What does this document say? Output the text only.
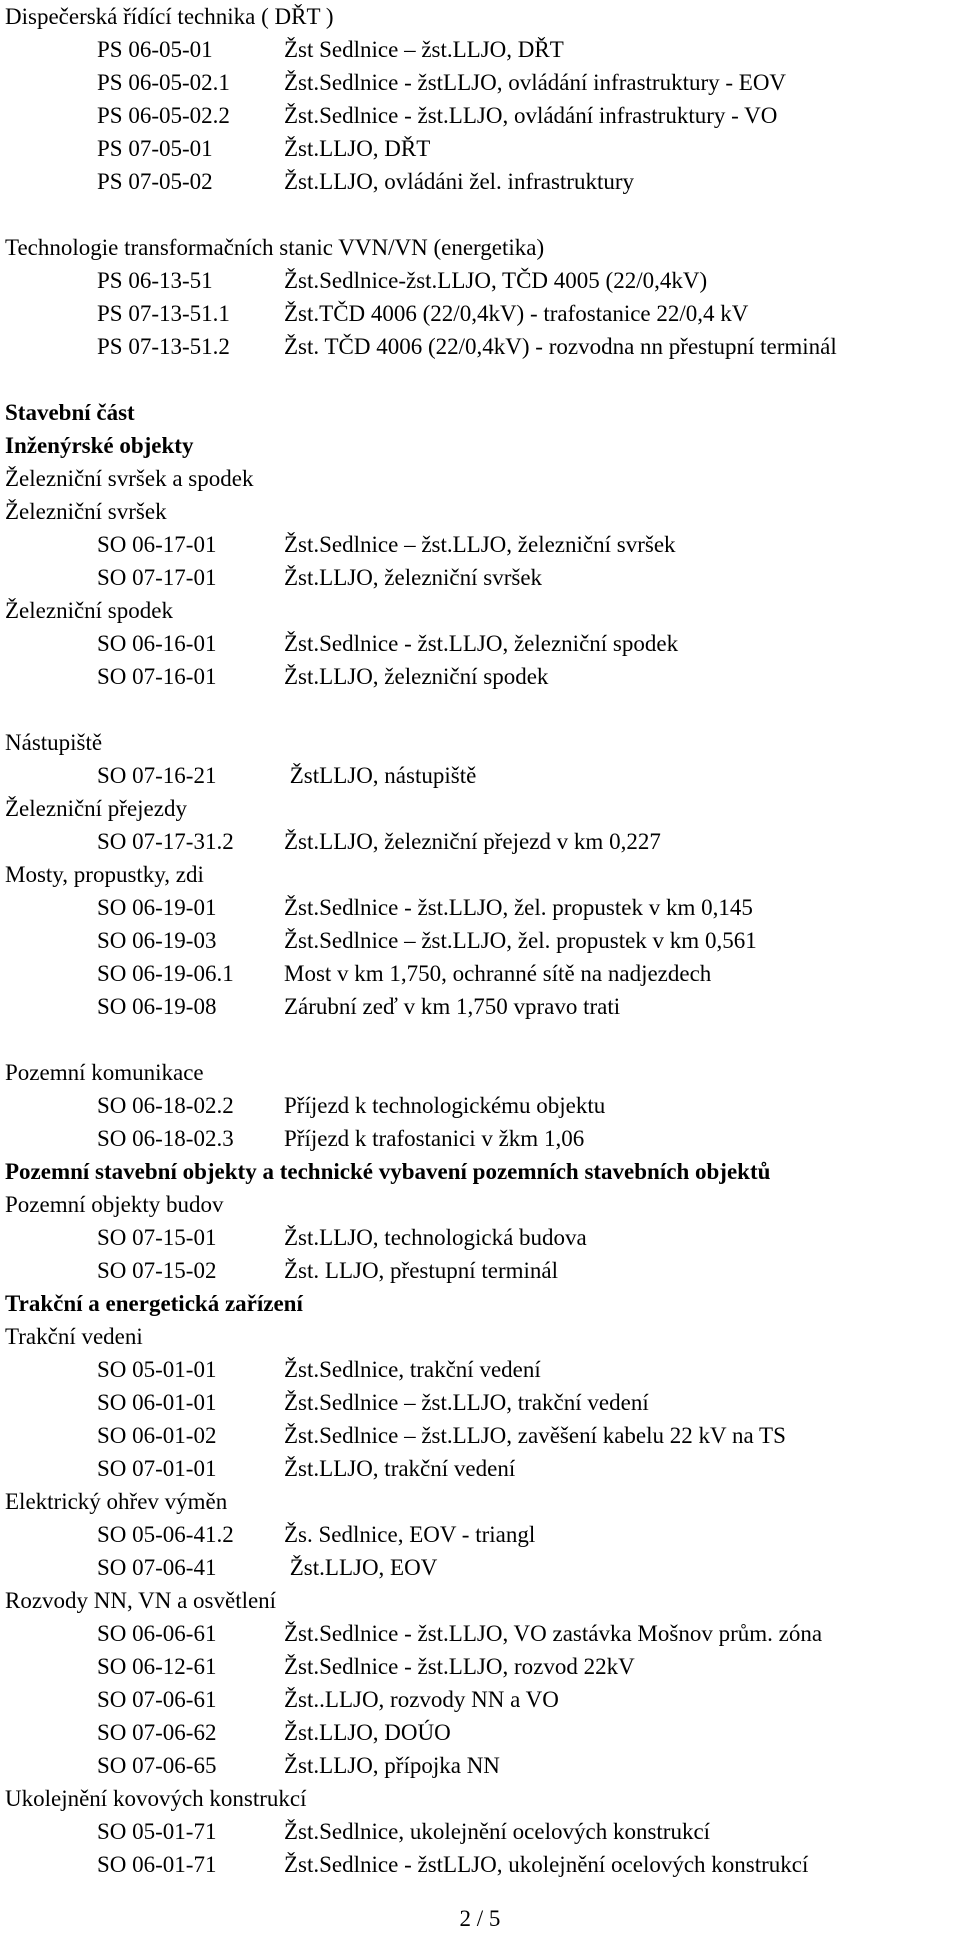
Dispečerská řídící technika ( DŘT )
PS 06-05-01	Žst Sedlnice – žst.LLJO, DŘT
PS 06-05-02.1 Žst.Sedlnice - žstLLJO, ovládání infrastruktury - EOV
PS 06-05-02.2 Žst.Sedlnice - žst.LLJO, ovládání infrastruktury - VO
PS 07-05-01	Žst.LLJO, DŘT
PS 07-05-02	Žst.LLJO, ovládáni žel. infrastruktury
Technologie transformačních stanic VVN/VN (energetika)
PS 06-13-51	Žst.Sedlnice-žst.LLJO, TČD 4005 (22/0,4kV)
PS 07-13-51.1 Žst.TČD 4006 (22/0,4kV) - trafostanice 22/0,4 kV
PS 07-13-51.2 Žst. TČD 4006 (22/0,4kV) - rozvodna nn přestupní terminál
Stavební část
Inženýrské objekty
Železniční svršek a spodek
Železniční svršek
SO 06-17-01	Žst.Sedlnice – žst.LLJO, železniční svršek
SO 07-17-01	Žst.LLJO, železniční svršek
Železniční spodek
SO 06-16-01	Žst.Sedlnice - žst.LLJO, železniční spodek
SO 07-16-01	Žst.LLJO, železniční spodek
Nástupiště
SO 07-16-21	ŽstLLJO, nástupiště
Železniční přejezdy
SO 07-17-31.2 Žst.LLJO, železniční přejezd v km 0,227
Mosty, propustky, zdi
SO 06-19-01	Žst.Sedlnice - žst.LLJO, žel. propustek v km 0,145
SO 06-19-03	Žst.Sedlnice – žst.LLJO, žel. propustek v km 0,561
SO 06-19-06.1 Most v km 1,750, ochranné sítě na nadjezdech
SO 06-19-08	Zárubní zeď v km 1,750 vpravo trati
Pozemní komunikace
SO 06-18-02.2 Příjezd k technologickému objektu
SO 06-18-02.3 Příjezd k trafostanici v žkm 1,06
Pozemní stavební objekty a technické vybavení pozemních stavebních objektů
Pozemní objekty budov
SO 07-15-01	Žst.LLJO, technologická budova
SO 07-15-02	Žst. LLJO, přestupní terminál
Trakční a energetická zařízení
Trakční vedeni
SO 05-01-01	Žst.Sedlnice, trakční vedení
SO 06-01-01	Žst.Sedlnice – žst.LLJO, trakční vedení
SO 06-01-02	Žst.Sedlnice – žst.LLJO, zavěšení kabelu 22 kV na TS
SO 07-01-01	Žst.LLJO, trakční vedení
Elektrický ohřev výměn
SO 05-06-41.2 Žs. Sedlnice, EOV - triangl
SO 07-06-41	Žst.LLJO, EOV
Rozvody NN, VN a osvětlení
SO 06-06-61	Žst.Sedlnice - žst.LLJO, VO zastávka Mošnov prům. zóna
SO 06-12-61	Žst.Sedlnice - žst.LLJO, rozvod 22kV
SO 07-06-61	Žst..LLJO, rozvody NN a VO
SO 07-06-62	Žst.LLJO, DOÚO
SO 07-06-65	Žst.LLJO, přípojka NN
Ukolejnění kovových konstrukcí
SO 05-01-71	Žst.Sedlnice, ukolejnění ocelových konstrukcí
SO 06-01-71	Žst.Sedlnice - žstLLJO, ukolejnění ocelových konstrukcí
2 / 5
